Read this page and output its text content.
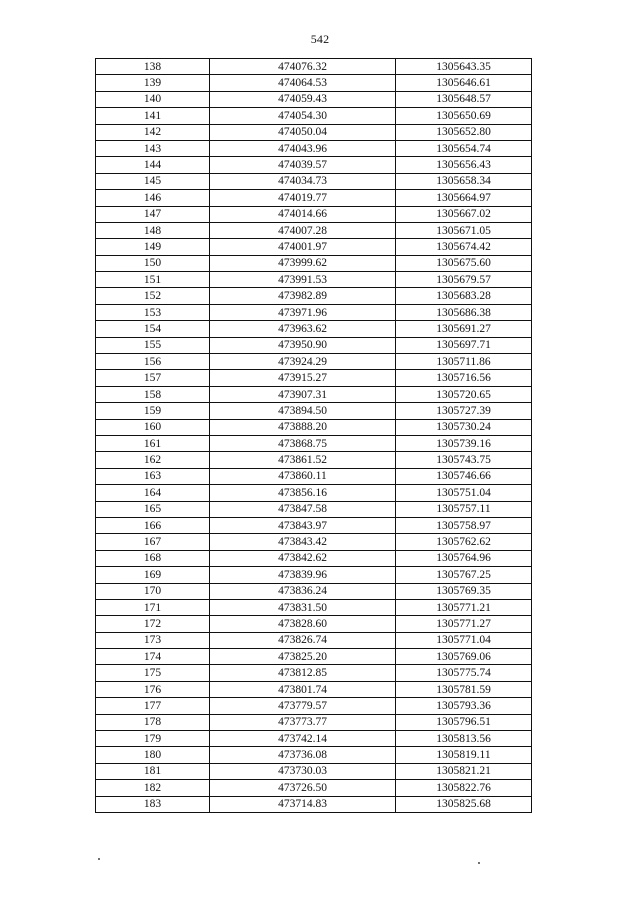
542
138	474076.32	1305643.35
139	474064.53	1305646.61
140	474059.43	1305648.57
141	474054.30	1305650.69
142	474050.04	1305652.80
143	474043.96	1305654.74
144	474039.57	1305656.43
145	474034.73	1305658.34
146	474019.77	1305664.97
147	474014.66	1305667.02
148	474007.28	1305671.05
149	474001.97	1305674.42
150	473999.62	1305675.60
151	473991.53	1305679.57
152	473982.89	1305683.28
153	473971.96	1305686.38
154	473963.62	1305691.27
155	473950.90	1305697.71
156	473924.29	1305711.86
157	473915.27	1305716.56
158	473907.31	1305720.65
159	473894.50	1305727.39
160	473888.20	1305730.24
161	473868.75	1305739.16
162	473861.52	1305743.75
163	473860.11	1305746.66
164	473856.16	1305751.04
165	473847.58	1305757.11
166	473843.97	1305758.97
167	473843.42	1305762.62
168	473842.62	1305764.96
169	473839.96	1305767.25
170	473836.24	1305769.35
171	473831.50	1305771.21
172	473828.60	1305771.27
173	473826.74	1305771.04
174	473825.20	1305769.06
175	473812.85	1305775.74
176	473801.74	1305781.59
177	473779.57	1305793.36
178	473773.77	1305796.51
179	473742.14	1305813.56
180	473736.08	1305819.11
181	473730.03	1305821.21
182	473726.50	1305822.76
183	473714.83	1305825.68
